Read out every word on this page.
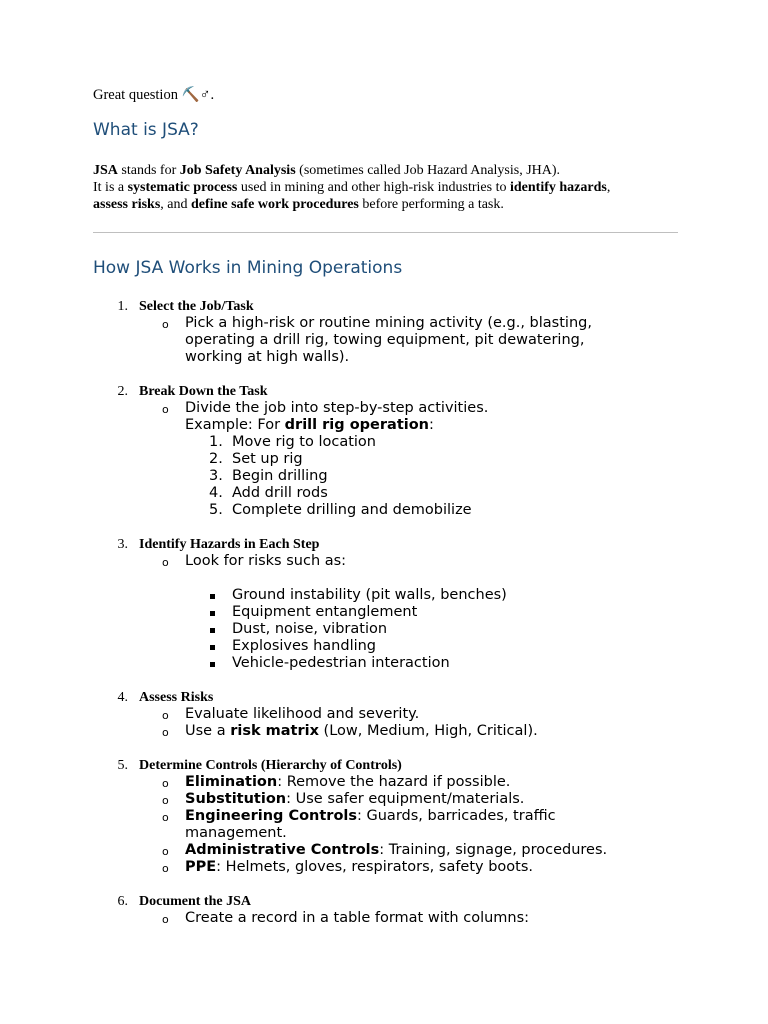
Great question ⛏️♂.

What is JSA?
JSA stands for Job Safety Analysis (sometimes called Job Hazard Analysis, JHA).
It is a systematic process used in mining and other high-risk industries to identify hazards,
assess risks, and define safe work procedures before performing a task.
How JSA Works in Mining Operations
1. Select the Job/Task
o Pick a high-risk or routine mining activity (e.g., blasting,
operating a drill rig, towing equipment, pit dewatering,
working at high walls).
2. Break Down the Task
o Divide the job into step-by-step activities.
Example: For drill rig operation:
1. Move rig to location
2. Set up rig
3. Begin drilling
4. Add drill rods
5. Complete drilling and demobilize
3. Identify Hazards in Each Step
o Look for risks such as:
Ground instability (pit walls, benches)
Equipment entanglement
Dust, noise, vibration
Explosives handling
Vehicle-pedestrian interaction
4. Assess Risks
o Evaluate likelihood and severity.
o Use a risk matrix (Low, Medium, High, Critical).
5. Determine Controls (Hierarchy of Controls)
o Elimination: Remove the hazard if possible.
o Substitution: Use safer equipment/materials.
o Engineering Controls: Guards, barricades, traffic
management.
o Administrative Controls: Training, signage, procedures.
o PPE: Helmets, gloves, respirators, safety boots.
6. Document the JSA
o Create a record in a table format with columns:
